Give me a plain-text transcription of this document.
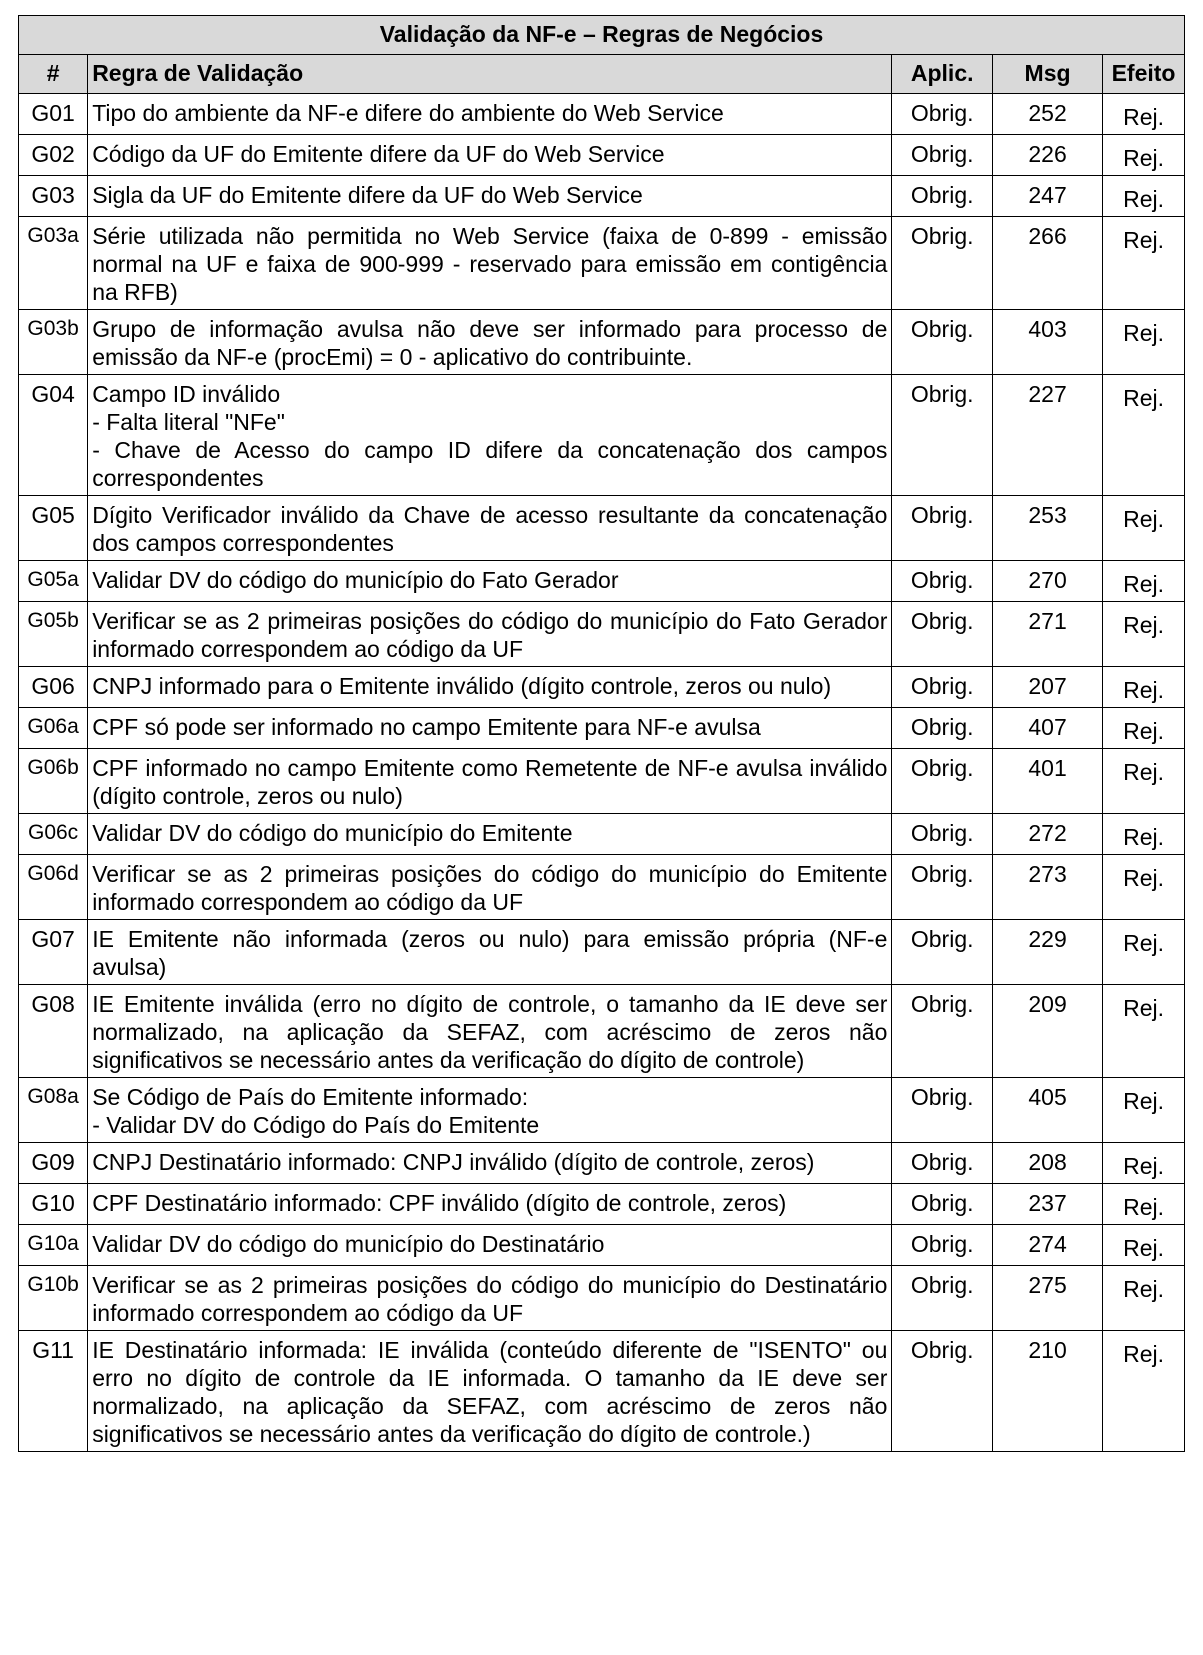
Validação da NF-e – Regras de Negócios				
#	Regra de Validação	Aplic.	Msg	Efeito
G01	Tipo do ambiente da NF-e difere do ambiente do Web Service	Obrig.	252	Rej.
G02	Código da UF do Emitente difere da UF do Web Service	Obrig.	226	Rej.
G03	Sigla da UF do Emitente difere da UF do Web Service	Obrig.	247	Rej.
G03a	Série utilizada não permitida no Web Service (faixa de 0-899 - emissão normal na UF e faixa de 900-999 - reservado para emissão em contigência na RFB)	Obrig.	266	Rej.
G03b	Grupo de informação avulsa não deve ser informado para processo de emissão da NF-e (procEmi) = 0 - aplicativo do contribuinte.	Obrig.	403	Rej.
G04	Campo ID inválido
- Falta literal "NFe"
- Chave de Acesso do campo ID difere da concatenação dos campos correspondentes	Obrig.	227	Rej.
G05	Dígito Verificador inválido da Chave de acesso resultante da concatenação dos campos correspondentes	Obrig.	253	Rej.
G05a	Validar DV do código do município do Fato Gerador	Obrig.	270	Rej.
G05b	Verificar se as 2 primeiras posições do código do município do Fato Gerador informado correspondem ao código da UF	Obrig.	271	Rej.
G06	CNPJ informado para o Emitente inválido (dígito controle, zeros ou nulo)	Obrig.	207	Rej.
G06a	CPF só pode ser informado no campo Emitente para NF-e avulsa	Obrig.	407	Rej.
G06b	CPF informado no campo Emitente como Remetente de NF-e avulsa inválido (dígito controle, zeros ou nulo)	Obrig.	401	Rej.
G06c	Validar DV do código do município do Emitente	Obrig.	272	Rej.
G06d	Verificar se as 2 primeiras posições do código do município do Emitente informado correspondem ao código da UF	Obrig.	273	Rej.
G07	IE Emitente não informada (zeros ou nulo) para emissão própria (NF-e avulsa)	Obrig.	229	Rej.
G08	IE Emitente inválida (erro no dígito de controle, o tamanho da IE deve ser normalizado, na aplicação da SEFAZ, com acréscimo de zeros não significativos se necessário antes da verificação do dígito de controle)	Obrig.	209	Rej.
G08a	Se Código de País do Emitente informado:
- Validar DV do Código do País do Emitente	Obrig.	405	Rej.
G09	CNPJ Destinatário informado: CNPJ inválido (dígito de controle, zeros)	Obrig.	208	Rej.
G10	CPF Destinatário informado: CPF inválido (dígito de controle, zeros)	Obrig.	237	Rej.
G10a	Validar DV do código do município do Destinatário	Obrig.	274	Rej.
G10b	Verificar se as 2 primeiras posições do código do município do Destinatário informado correspondem ao código da UF	Obrig.	275	Rej.
G11	IE Destinatário informada: IE inválida (conteúdo diferente de "ISENTO" ou erro no dígito de controle da IE informada. O tamanho da IE deve ser normalizado, na aplicação da SEFAZ, com acréscimo de zeros não significativos se necessário antes da verificação do dígito de controle.)	Obrig.	210	Rej.
